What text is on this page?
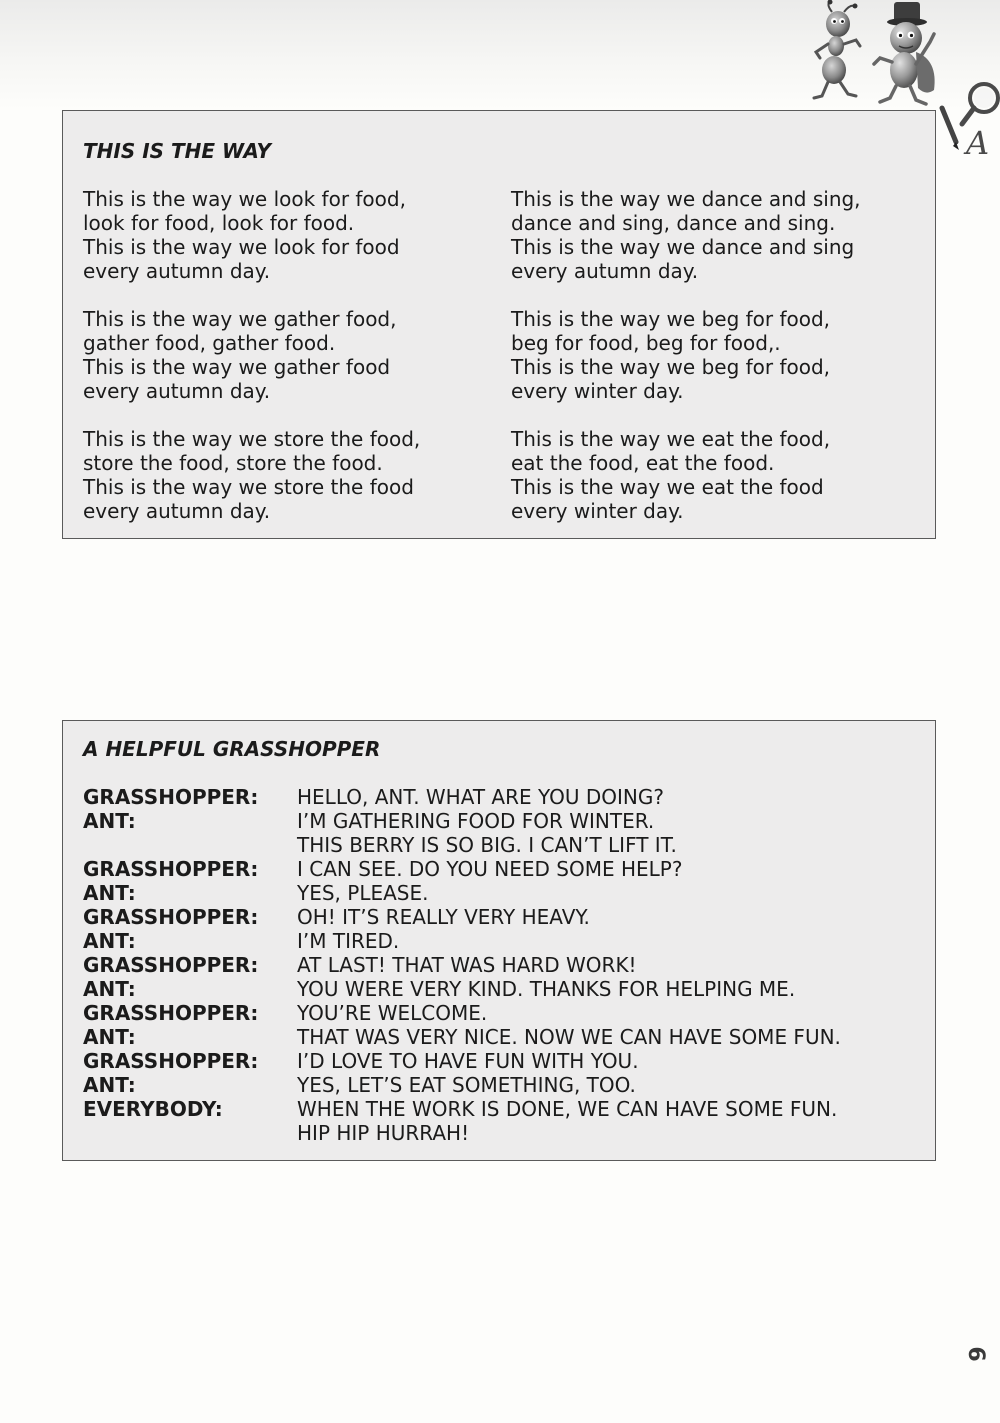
A
THIS IS THE WAY

This is the way we look for food,
look for food, look for food.
This is the way we look for food
every autumn day.

This is the way we gather food,
gather food, gather food.
This is the way we gather food
every autumn day.

This is the way we store the food,
store the food, store the food.
This is the way we store the food
every autumn day.

This is the way we dance and sing,
dance and sing, dance and sing.
This is the way we dance and sing
every autumn day.

This is the way we beg for food,
beg for food, beg for food,.
This is the way we beg for food,
every winter day.

This is the way we eat the food,
eat the food, eat the food.
This is the way we eat the food
every winter day.

A HELPFUL GRASSHOPPER
GRASSHOPPER:	HELLO, ANT. WHAT ARE YOU DOING?
ANT:	I’M GATHERING FOOD FOR WINTER.
THIS BERRY IS SO BIG. I CAN’T LIFT IT.
GRASSHOPPER:	I CAN SEE. DO YOU NEED SOME HELP?
ANT:	YES, PLEASE.
GRASSHOPPER:	OH! IT’S REALLY VERY HEAVY.
ANT:	I’M TIRED.
GRASSHOPPER:	AT LAST! THAT WAS HARD WORK!
ANT:	YOU WERE VERY KIND. THANKS FOR HELPING ME.
GRASSHOPPER:	YOU’RE WELCOME.
ANT:	THAT WAS VERY NICE. NOW WE CAN HAVE SOME FUN.
GRASSHOPPER:	I’D LOVE TO HAVE FUN WITH YOU.
ANT:	YES, LET’S EAT SOMETHING, TOO.
EVERYBODY:	WHEN THE WORK IS DONE, WE CAN HAVE SOME FUN.
HIP HIP HURRAH!
6
